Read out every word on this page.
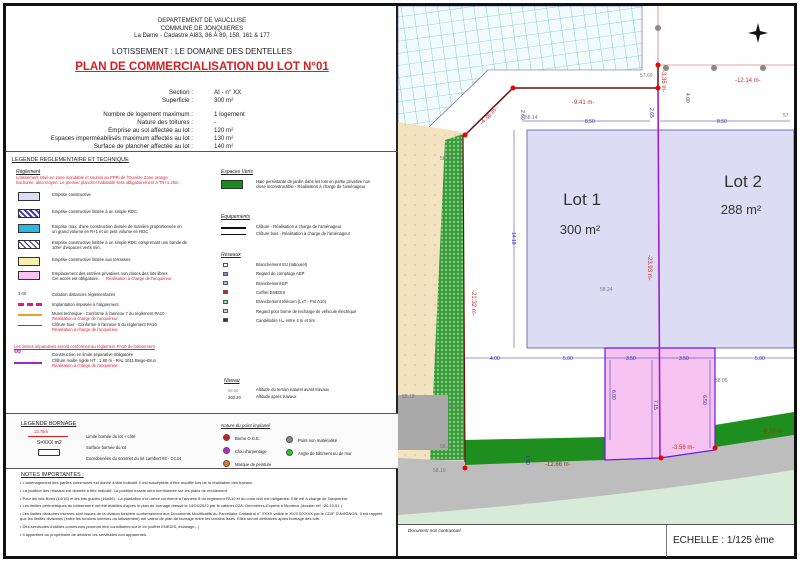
DEPARTEMENT DE VAUCLUSE
COMMUNE DE JONQUIERES
La Dame - Cadastre AI83, 86 À 89, 158, 161 & 177
LOTISSEMENT : LE DOMAINE DES DENTELLES
PLAN DE COMMERCIALISATION DU LOT N°01
Section :	AI - n° XX
Superficie :	300 m²
Nombre de logement maximum :	1 logement
Nature des toitures :	-
Emprise au sol affectée au lot :	120 m²
Espaces imperméabilisés maximum affectés au lot :	130 m²
Surface de plancher affectée au lot :	140 m²
LEGENDE REGLEMENTAIRE ET TECHNIQUE
Réglement
Lotissement situé en zone inondable et soumis au PPRi de l'Ouvèze Zone orange
hachurée, aléa moyen. Le premier plancher habitable sera obligatoirement à TN+1.20m.
Emprise constructive
Emprise constructive limitée à un simple RDC
Emprise max. d'une construction divisée de manière proportionnée en
un grand volume en R+1 et un petit volume en RDC
Emprise constructive limitée à un simple RDC comprenant une bande de
10m² d'espaces verts min.
Emprise constructive limitée aux terrasses
Emplacement des entrées privatives non closes des lots libres
Cet accès est obligatoire. Réalisation à charge de l'acquéreur
3.00	Cotation distances réglementaires
Implantation imposée à l'alignement
Muret technique - Conforme à l'annexe 7 du règlement PA10
Réalisation à charge de l'acquéreur
Clôture bois - Conforme à l'annexe 5 du règlement PA10
Réalisation à charge de l'acquéreur
Les limites séparatives seront conformes au règlement PA10 du lotissement
∞	Construction en limite séparative obligatoire
Clôture maille rigide HT : 1.80 m - RAL 1011 Beige-Brun
Réalisation à charge de l'acquéreur
Espaces Verts
Haie persistante de jardin dans les lots en partie privative non
close inconstructible - Réalisation à charge de l'aménageur
Equipements
Clôture - Réalisation à charge de l'aménageur
Clôture bois - Réalisation à charge de l'aménageur
Réseaux
Branchement EU (tabouret)
Regard de comptage AEP
Branchement EP
Coffret ENEDIS
Branchement télécom (LxT - Pot A10)
Regard pour borne de recharge de véhicule électrique
Candélabre Hₘ entre 4 m et 5m
Niveau
58.50	Altitude du terrain naturel avant travaux
203.20	Altitude après travaux
LEGENDE BORNAGE
13.75m
S=XXX m2
Limite bornée du lot + côte
Surface bornée du lot
Coordonnées du sommet du lot Lambert 93 - CC44
Nature du point implanté
Borne O.G.E.
Clou d'arpentage
Marque de peinture
Point non matérialisé
Angle de bâtiment ou de mur
NOTES IMPORTANTES :
• L'aménagement des parties communes est donné à titre indicatif. Il est susceptible d'être modifié lors de la réalisation des travaux.
• La position des réseaux est donnée à titre indicatif. La position exacte sera mentionnée sur les plans de récolement.
• Pour les lots libres (14/15) et les lots guidés (16à36) : La plantation d'un arbre conforme à l'annexe 8 du règlement PA10 et du code civil est obligatoire. Elle est à charge de l'acquéreur.
• Les limites périmétriques du lotissement ont été établies d'après le plan de bornage dressé le 14/04/2022 par le cabinet C2A. Géomètres-Experts à Monteux (dossier réf : 20.10.51 )
• Les limites divisoires internes sont issues de la division foncière conformément aux Documents Modificatifs du Parcellaire Cadastral n° XXXX validé le XX/XX/XXXX par le CDIF D'AVIGNON. Il est rappelé que les limites divisoires (entre les fonciers internes du lotissement) ont valeur de plan de bornage entre les terrains issés. Elles seront définitives après bornage des lots.
• Des servitudes d'utilités communes pourront être constituées sur le lot (coffret ENEDIS, éclairage...)
• Il appartient au propriétaire de déclarer les servitudes non apparentes.
Lot 1
300 m²
Lot 2
288 m²
-9.41 m-
-4.36 m-
-12.14 m-
-3.35 m-
-21.32 m-
-23.93 m-
-3.56 m-
-12.66 m-
-8.22 m-
8.50	8.50
2.60	2.65
4.00
14.18
4.00	5.00	3.50	3.50	5.00
6.00
7.15
6.50
1.50
57.69
58.14	57
58.24
58.05
58.19
58.10
58.27
58.15
58.17
Document non contractuel
ECHELLE : 1/125 ème
